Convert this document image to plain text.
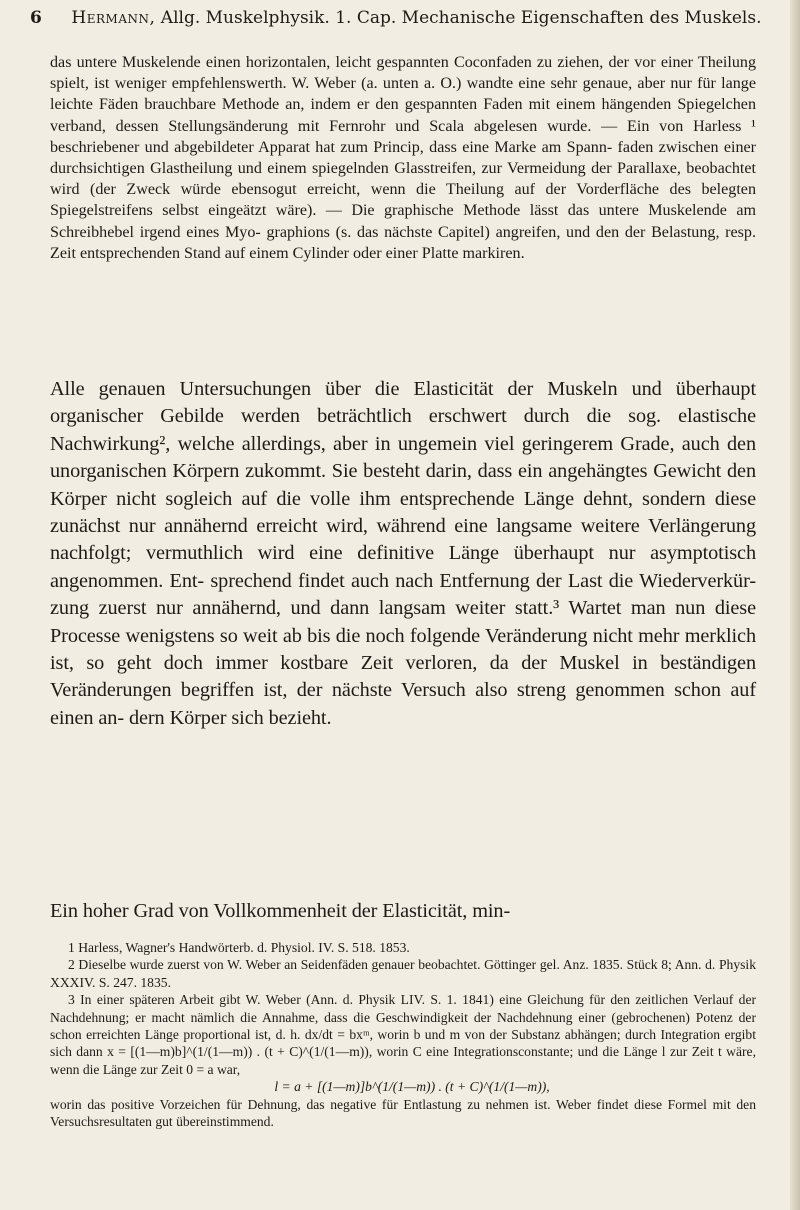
6 Hermann, Allg. Muskelphysik. 1. Cap. Mechanische Eigenschaften des Muskels.

das untere Muskelende einen horizontalen, leicht gespannten Coconfaden zu ziehen, der vor einer Theilung spielt, ist weniger empfehlenswerth. W. Weber (a. unten a. O.) wandte eine sehr genaue, aber nur für lange leichte Fäden brauchbare Methode an, indem er den gespannten Faden mit einem hängenden Spiegelchen verband, dessen Stellungsänderung mit Fernrohr und Scala abgelesen wurde. — Ein von Harless ¹ beschriebener und abgebildeter Apparat hat zum Princip, dass eine Marke am Spann- faden zwischen einer durchsichtigen Glastheilung und einem spiegelnden Glasstreifen, zur Vermeidung der Parallaxe, beobachtet wird (der Zweck würde ebensogut erreicht, wenn die Theilung auf der Vorderfläche des belegten Spiegelstreifens selbst eingeätzt wäre). — Die graphische Methode lässt das untere Muskelende am Schreibhebel irgend eines Myo- graphions (s. das nächste Capitel) angreifen, und den der Belastung, resp. Zeit entsprechenden Stand auf einem Cylinder oder einer Platte markiren.

Alle genauen Untersuchungen über die Elasticität der Muskeln und überhaupt organischer Gebilde werden beträchtlich erschwert durch die sog. elastische Nachwirkung², welche allerdings, aber in ungemein viel geringerem Grade, auch den unorganischen Körpern zukommt. Sie besteht darin, dass ein angehängtes Gewicht den Körper nicht sogleich auf die volle ihm entsprechende Länge dehnt, sondern diese zunächst nur annähernd erreicht wird, während eine langsame weitere Verlängerung nachfolgt; vermuthlich wird eine definitive Länge überhaupt nur asymptotisch angenommen. Ent- sprechend findet auch nach Entfernung der Last die Wiederverkür- zung zuerst nur annähernd, und dann langsam weiter statt.³ Wartet man nun diese Processe wenigstens so weit ab bis die noch folgende Veränderung nicht mehr merklich ist, so geht doch immer kostbare Zeit verloren, da der Muskel in beständigen Veränderungen begriffen ist, der nächste Versuch also streng genommen schon auf einen an- dern Körper sich bezieht.

Ein hoher Grad von Vollkommenheit der Elasticität, min-

1 Harless, Wagner's Handwörterb. d. Physiol. IV. S. 518. 1853.

2 Dieselbe wurde zuerst von W. Weber an Seidenfäden genauer beobachtet. Göttinger gel. Anz. 1835. Stück 8; Ann. d. Physik XXXIV. S. 247. 1835.

3 In einer späteren Arbeit gibt W. Weber (Ann. d. Physik LIV. S. 1. 1841) eine Gleichung für den zeitlichen Verlauf der Nachdehnung; er macht nämlich die Annahme, dass die Geschwindigkeit der Nachdehnung einer (gebrochenen) Potenz der schon erreichten Länge proportional ist, d. h. dx/dt = bxᵐ, worin b und m von der Substanz abhängen; durch Integration ergibt sich dann x = [(1—m)b]^(1/(1—m)) . (t + C)^(1/(1—m)), worin C eine Integrationsconstante; und die Länge l zur Zeit t wäre, wenn die Länge zur Zeit 0 = a war,

l = a + [(1—m)]b^(1/(1—m)) . (t + C)^(1/(1—m)),

worin das positive Vorzeichen für Dehnung, das negative für Entlastung zu nehmen ist. Weber findet diese Formel mit den Versuchsresultaten gut übereinstimmend.
